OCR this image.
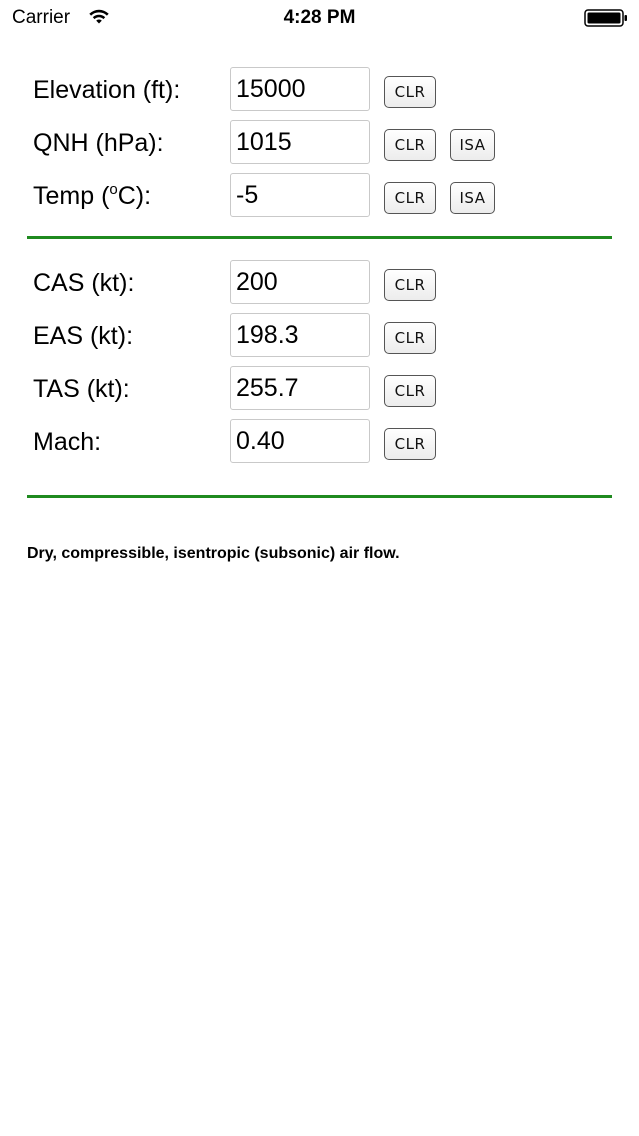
Carrier	4:28 PM
Elevation (ft):
15000	CLR
QNH (hPa):
1015	CLR	ISA
Temp ($^o$C):
-5	CLR	ISA
CAS (kt):
200	CLR
EAS (kt):
198.3	CLR
TAS (kt):
255.7	CLR
Mach:
0.40	CLR
Dry, compressible, isentropic (subsonic) air flow.
